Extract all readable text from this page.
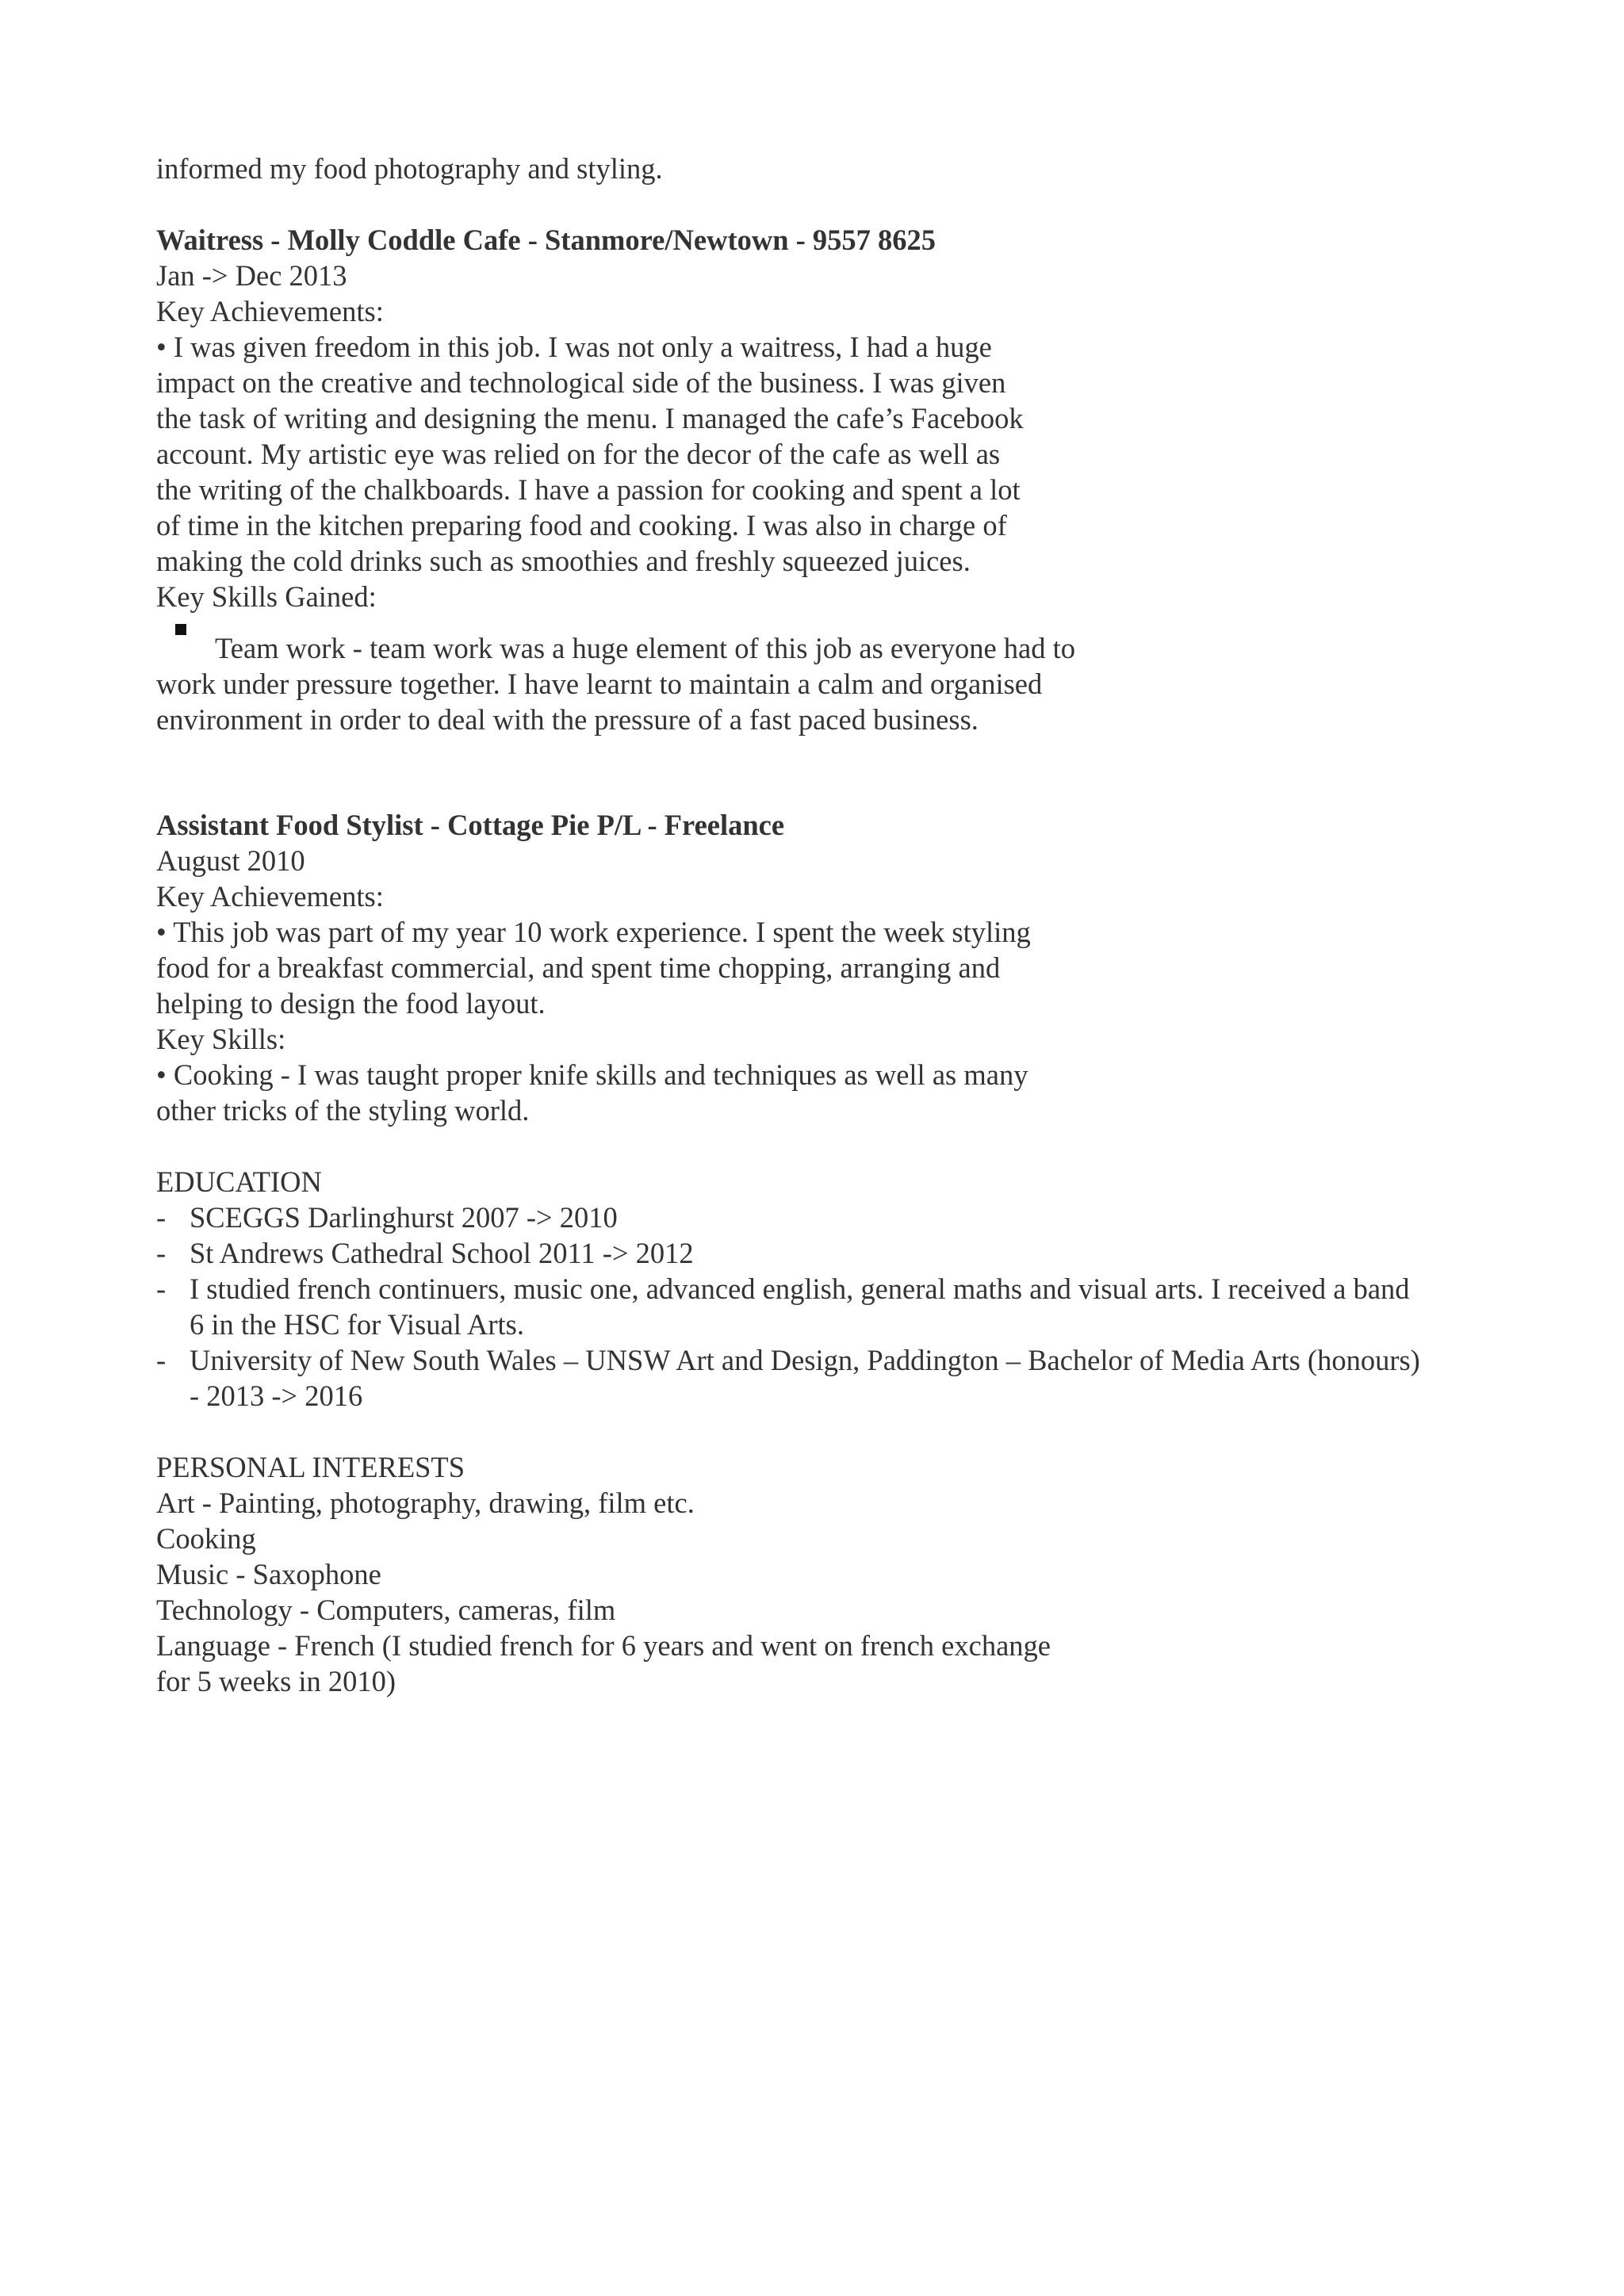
informed my food photography and styling.
Waitress - Molly Coddle Cafe - Stanmore/Newtown - 9557 8625
Jan -> Dec 2013
Key Achievements:
• I was given freedom in this job. I was not only a waitress, I had a huge
impact on the creative and technological side of the business. I was given
the task of writing and designing the menu. I managed the cafe’s Facebook
account. My artistic eye was relied on for the decor of the cafe as well as
the writing of the chalkboards. I have a passion for cooking and spent a lot
of time in the kitchen preparing food and cooking. I was also in charge of
making the cold drinks such as smoothies and freshly squeezed juices.
Key Skills Gained:
Team work - team work was a huge element of this job as everyone had to
work under pressure together. I have learnt to maintain a calm and organised
environment in order to deal with the pressure of a fast paced business.
Assistant Food Stylist - Cottage Pie P/L - Freelance
August 2010
Key Achievements:
• This job was part of my year 10 work experience. I spent the week styling
food for a breakfast commercial, and spent time chopping, arranging and
helping to design the food layout.
Key Skills:
• Cooking - I was taught proper knife skills and techniques as well as many
other tricks of the styling world.
EDUCATION
- SCEGGS Darlinghurst 2007 -> 2010
- St Andrews Cathedral School 2011 -> 2012
- I studied french continuers, music one, advanced english, general maths and visual arts. I received a band
6 in the HSC for Visual Arts.
- University of New South Wales – UNSW Art and Design, Paddington – Bachelor of Media Arts (honours)
- 2013 -> 2016
PERSONAL INTERESTS
Art - Painting, photography, drawing, film etc.
Cooking
Music - Saxophone
Technology - Computers, cameras, film
Language - French (I studied french for 6 years and went on french exchange
for 5 weeks in 2010)
